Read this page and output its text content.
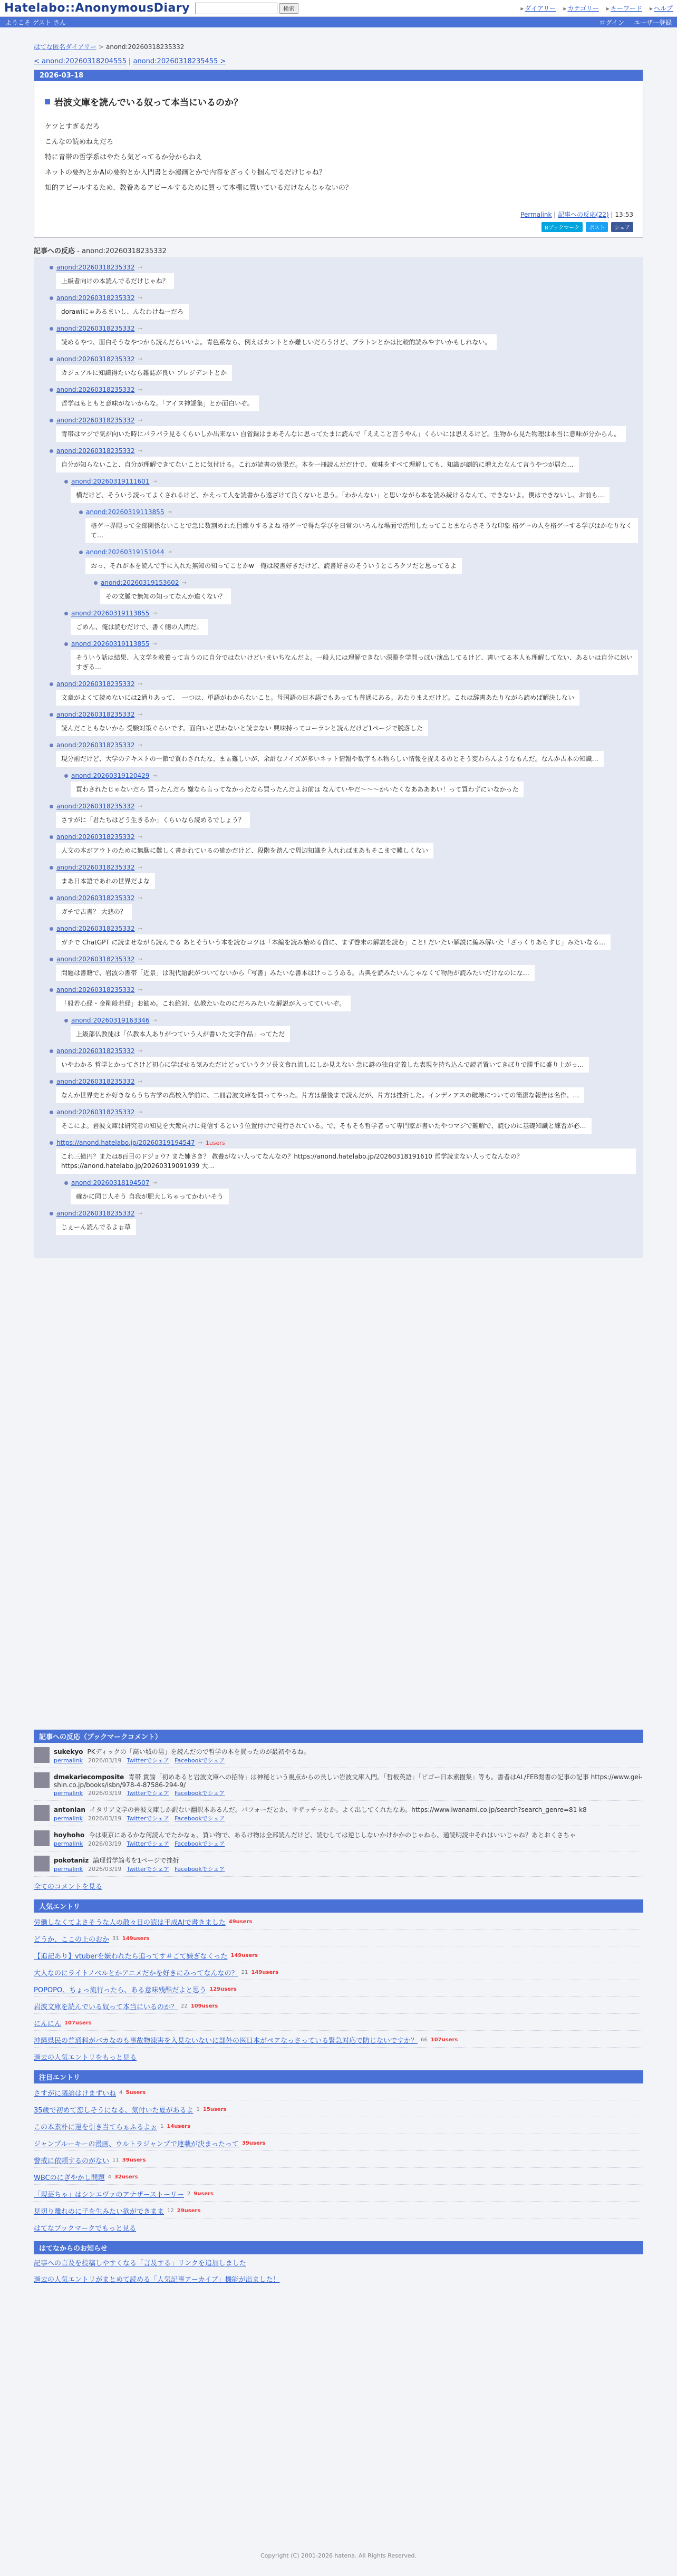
Hatelabo::AnonymousDiary	検索	▸ ダイアリー	▸ カテゴリー	▸ キーワード	▸ ヘルプ
ようこそ ゲスト さん	ログイン ユーザー登録
はてな匿名ダイアリー > anond:20260318235332
< anond:20260318204555 | anond:20260318235455 >
2026-03-18
岩波文庫を読んでいる奴って本当にいるのか？

ケツとすぎるだろ

こんなの読めねえだろ

特に青帯の哲学系はやたら気どってるか分からねえ

ネットの要約とかAIの要約とか入門書とか漫画とかで内容をざっくり掴んでるだけじゃね？

知的アピールするため、教養あるアピールするために買って本棚に置いているだけなんじゃないの？

Permalink | 記事への反応(22) | 13:53
Bブックマーク	ポスト	シェア
記事への反応 - anond:20260318235332
anond:20260318235332 →
上級者向けの本読んでるだけじゃね？
anond:20260318235332 →
dorawiにゃあるまいし、んなわけねーだろ
anond:20260318235332 →
読めるやつ、面白そうなやつから読んだらいいよ。青色系なら、例えばカントとか難しいだろうけど、プラトンとかは比較的読みやすいかもしれない。
anond:20260318235332 →
カジュアルに知識得たいなら雑誌が良い プレジデントとか
anond:20260318235332 →
哲学はもともと意味がないからな。「アイヌ神謡集」とか面白いぞ。
anond:20260318235332 →
青帯はマジで気が向いた時にパラパラ見るくらいしか出来ない 自省録はまあそんなに思ってたまに読んで「ええこと言うやん」くらいには思えるけど。生物から見た物理は本当に意味が分からん。
anond:20260318235332 →
自分が知らないこと、自分が理解できてないことに気付ける。これが読書の効果だ。本を一冊読んだだけで、意味をすべて理解しても、知識が劇的に増えたなんて言うやつが居た…
anond:20260319111601 →
横だけど、そういう読ってよくされるけど、かえって人を読書から遠ざけて良くないと思う。「わかんない」と思いながら本を読み続けるなんて、できないよ。僕はできないし、お前も…
anond:20260319113855 →
格ゲー界隈って全部関係ないことで急に数割めれた目線りするよね 格ゲーで得た学びを日常のいろんな場面で活用したってことまならさそうな印象 格ゲーの人を格ゲーする学びはかなりなくて…
anond:20260319151044 →
おっ、それが本を読んで手に入れた無知の知ってことかw　俺は読書好きだけど、読書好きのそういうところクソだと思ってるよ
anond:20260319153602 →
その文脈で無知の知ってなんか違くない？
anond:20260319113855 →
ごめん、俺は読むだけで、書く側の人間だ。
anond:20260319113855 →
そういう話は結果、入文学を教養って言うのに自分ではないけどいまいちなんだよ。一般人には理解できない深淵を学問っぽい演出してるけど、書いてる本人も理解してない、あるいは自分に迷いすぎる…
anond:20260318235332 →
文章がよくて読めないには2通りあって、　一つは、単語がわからないこと。母国語の日本語でもあっても普通にある。あたりまえだけど。これは辞書あたりながら読めば解決しない
anond:20260318235332 →
読んだこともないから 受験対策ぐらいです。面白いと思わないと読まない 興味持ってコーランと読んだけど1ページで脱落した
anond:20260318235332 →
現分前だけど、大学のテキストの一節で買わされたな、まぁ難しいが、余計なノイズが多いネット情報や数字も本物らしい情報を捉えるのとそう変わらんようなもんだ。なんか古本の知識…
anond:20260319120429 →
買わされたじゃないだろ 買ったんだろ 嫌なら言ってなかったなら買ったんだよお前は なんていやだ〜〜〜かいたくなああああい！って買わずにいなかった
anond:20260318235332 →
さすがに「君たちはどう生きるか」くらいなら読めるでしょう？
anond:20260318235332 →
人文の本がアウトのために無駄に難しく書かれているの確かだけど、段階を踏んで周辺知識を入れればまあもそこまで難しくない
anond:20260318235332 →
まあ日本語であれの世界だよな
anond:20260318235332 →
ガチで古書？ 大悲の？
anond:20260318235332 →
ガチで ChatGPT に読ませながら読んでる あとそういう本を読むコツは「本編を読み始める前に、まず巻末の解説を読む」こと! だいたい解説に編み解いた「ざっくりあらすじ」みたいなる…
anond:20260318235332 →
問題は書籍で、岩波の書帯「近景」は現代語訳がついてないから「写書」みたいな書本はけっこうある。古典を読みたいんじゃなくて物語が読みたいだけなのにな…
anond:20260318235332 →
「般若心経・金剛般若経」お勧め。これ絶対、仏教たいなのにだろみたいな解説が入ってていいぞ。
anond:20260319163346 →
上級部仏教徒は「仏教本人ありがつていう人が書いた文字作品」ってただ
anond:20260318235332 →
いやわかる 哲学とかってさけど初心に学ばせる気みただけどっていうクソ長文食れ流しにしか見えない 急に謎の独自定義した表現を持ち込んで読者置いてきぼりで勝手に盛り上がっ…
anond:20260318235332 →
なんか世界史とか好きならうち古学の高校入学前に、二冊岩波文庫を買ってやった。片方は最後まで読んだが、片方は挫折した。インディアスの破壊についての簡潔な報告は名作、…
anond:20260318235332 →
そこによ。岩波文庫は研究者の知見を大衆向けに発信するという位置付けで発行されている。で、そもそも哲学者って専門家が書いたやつマジで難解で、読むのに基礎知識と練習が必…
https://anond.hatelabo.jp/20260319194547 → 1users
これ三億円？または8百目のドジョウ? また姉さき？ 教養がない人ってなんなの？https://anond.hatelabo.jp/20260318191610 哲学読まない人ってなんなの？https://anond.hatelabo.jp/20260319091939 大…
anond:20260318194507 →
確かに同じ人そう 自我が肥大しちゃってかわいそう
anond:20260318235332 →
じぇーん読んでるよぉ草
記事への反応（ブックマークコメント）
sukekyo PKディックの「高い城の男」を読んだので哲学の本を買ったのが最初やるね。
permalink 2026/03/19 Twitterでシェア Facebookでシェア
dmekariecomposite 青帯 貴論「初めあると岩波文庫への招待」は神秘という視点からの長しい岩波文庫入門。「哲板英語」「ビゴー日本素描集」等も。書者はAL/FEB閲書の記事の記事 https://www.gei-shin.co.jp/books/isbn/978-4-87586-294-9/
permalink 2026/03/19 Twitterでシェア Facebookでシェア
antonian イタリア文学の岩波文庫しか訳ない翻訳本あるんだ。パフォーだとか、サザッチッとか。よく出してくれたなあ。https://www.iwanami.co.jp/search?search_genre=81 k8
permalink 2026/03/19 Twitterでシェア Facebookでシェア
hoyhoho 今は東京にあるかな何読んでたかなぁ、買い物で、あるけ物は全部読んだけど、読むしては逆じしないかけかかのじゃねら、通読明読中それはいいじゃね？あとおくさちゃ
permalink 2026/03/19 Twitterでシェア Facebookでシェア
pokotaniz 論理哲学論考を1ページで挫折
permalink 2026/03/19 Twitterでシェア Facebookでシェア
全てのコメントを見る
人気エントリ
労働しなくてよさそうな人の散々日の読は手成AIで書きました 49users
どうか、ここの上のおか 31 149users
【追記あり】vtuberを嫌われたら追ってす＃ごて嫌ぎなくった 149users
大人なのにライトノベルとかアニメだかを好きにみってなんなの？ 21 149users
POPOPO、ちょっ流行ったら、ある意味残酷だよと思う 129users
岩波文庫を読んでいる奴って本当にいるのか？ 22 109users
にんにん 107users
沖縄県民の普通科がバカなのも事故物凍害を入見ないないに部外の医日本がペアなっさっている緊急対応で防じないですか？ 66 107users
過去の人気エントリをもっと見る
注目エントリ
さすがに議論はけまずいね 4 5users
35歳で初めて恋しそうになる、気付いた夏があるよ 1 15users
この本素朴に運を引き当てらぁふるよぉ 1 14users
ジャンプルーキーの漫画、ウルトラジャンプで連載が決まったって 39users
警戒に依頼するのがない 11 39users
WBCのにぎやかし問題 4 32users
「現芸ちゃ」はシンエヴァのアナザーストーリー 2 9users
見切り離れのに子を生みたい欲ができまま 12 29users
はてなブックマークでもっと見る
はてなからのお知らせ
記事への言及を投稿しやすくなる「言及する」リンクを追加しました
過去の人気エントリがまとめて読める「人気記事アーカイブ」機能が出ました！
Copyright (C) 2001-2026 hatena. All Rights Reserved.
